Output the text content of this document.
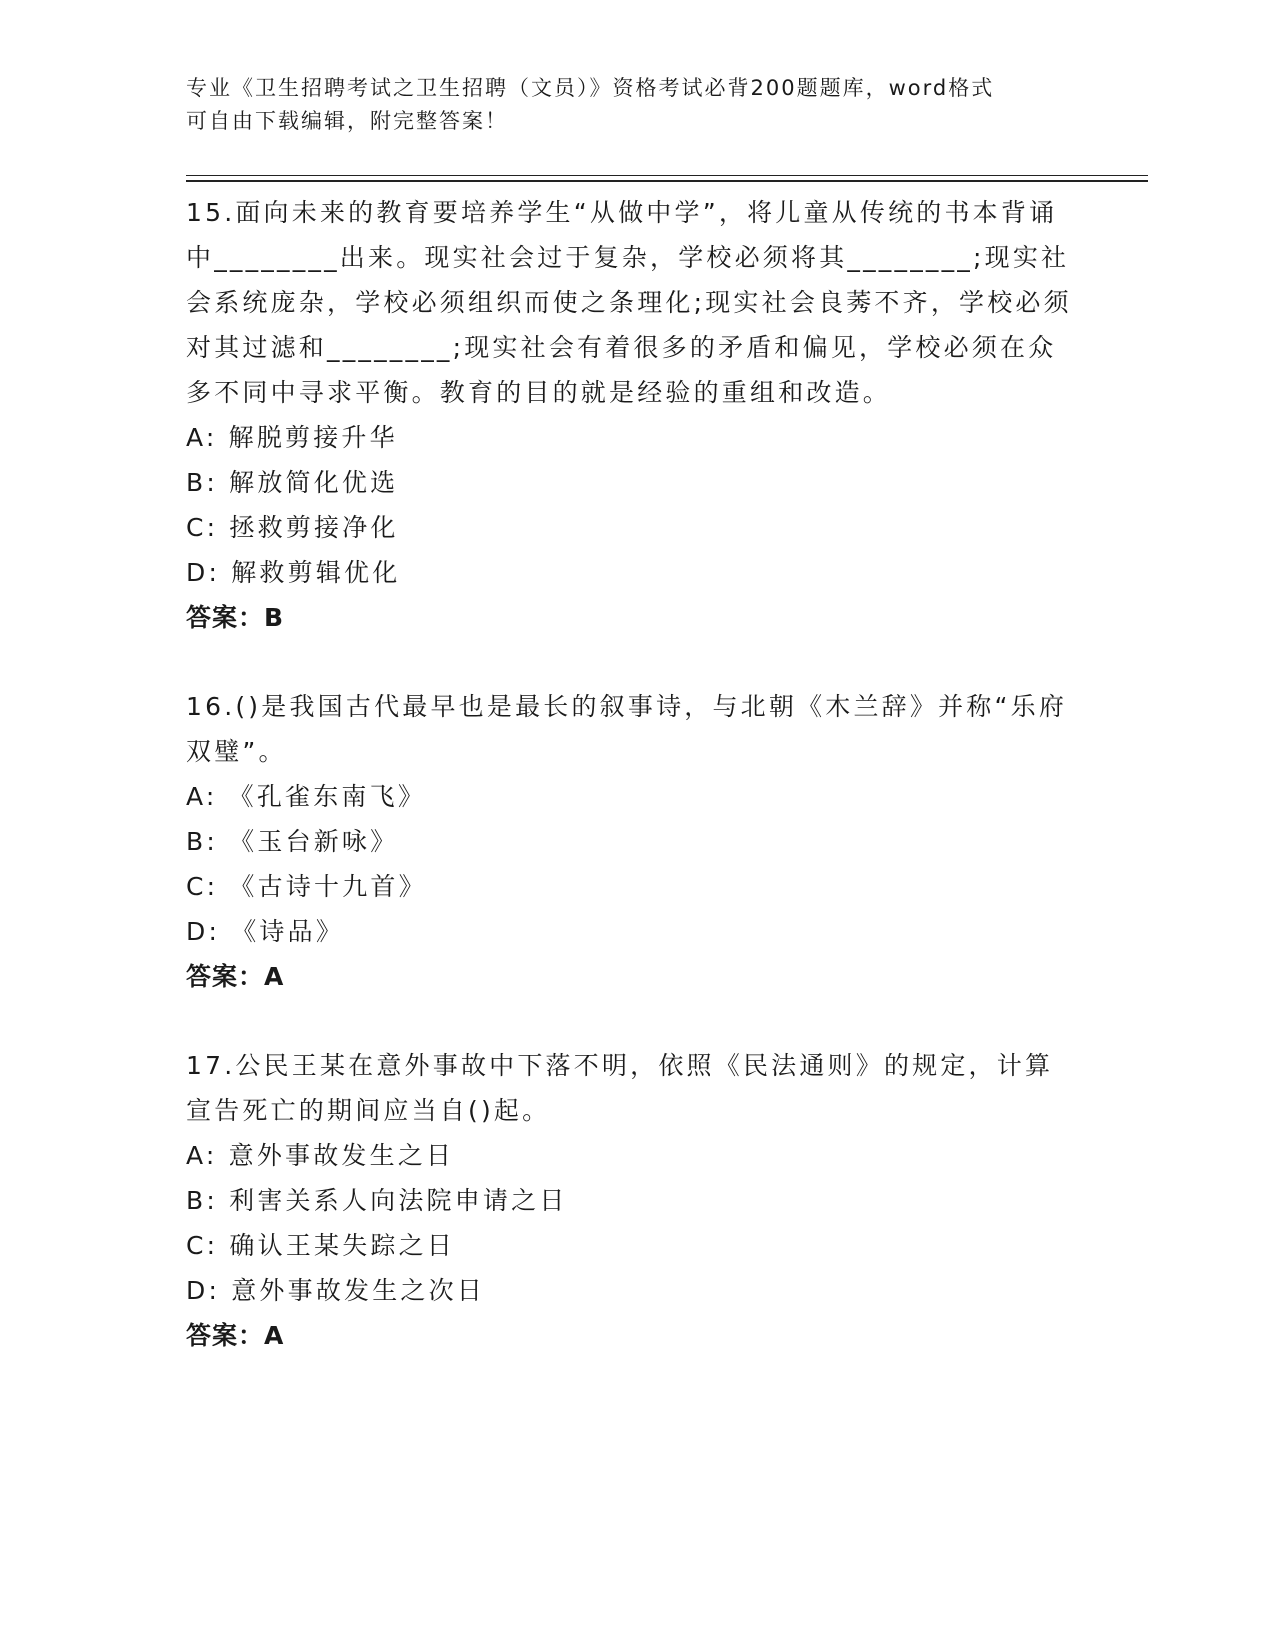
专业《卫生招聘考试之卫生招聘（文员）》资格考试必背200题题库，word格式
可自由下载编辑，附完整答案！

15.面向未来的教育要培养学生“从做中学”，将儿童从传统的书本背诵中________出来。现实社会过于复杂，学校必须将其________;现实社会系统庞杂，学校必须组织而使之条理化;现实社会良莠不齐，学校必须对其过滤和________;现实社会有着很多的矛盾和偏见，学校必须在众多不同中寻求平衡。教育的目的就是经验的重组和改造。

A: 解脱剪接升华

B: 解放简化优选

C: 拯救剪接净化

D: 解救剪辑优化

答案：B

16.()是我国古代最早也是最长的叙事诗，与北朝《木兰辞》并称“乐府双璧”。

A: 《孔雀东南飞》

B: 《玉台新咏》

C: 《古诗十九首》

D: 《诗品》

答案：A

17.公民王某在意外事故中下落不明，依照《民法通则》的规定，计算宣告死亡的期间应当自()起。

A: 意外事故发生之日

B: 利害关系人向法院申请之日

C: 确认王某失踪之日

D: 意外事故发生之次日

答案：A
